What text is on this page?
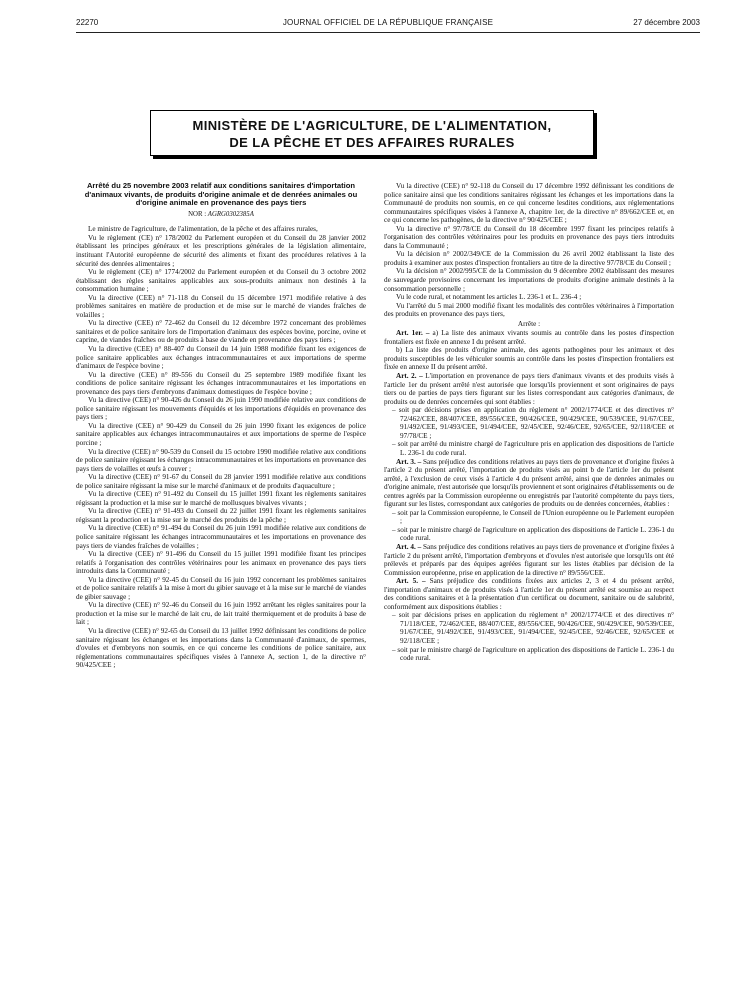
22270	JOURNAL OFFICIEL DE LA RÉPUBLIQUE FRANÇAISE	27 décembre 2003
MINISTÈRE DE L'AGRICULTURE, DE L'ALIMENTATION,
DE LA PÊCHE ET DES AFFAIRES RURALES
Arrêté du 25 novembre 2003 relatif aux conditions sanitaires d'importation d'animaux vivants, de produits d'origine animale et de denrées animales ou d'origine animale en provenance des pays tiers
NOR : AGRG0302385A

Le ministre de l'agriculture, de l'alimentation, de la pêche et des affaires rurales,

Vu le règlement (CE) n° 178/2002 du Parlement européen et du Conseil du 28 janvier 2002 établissant les principes généraux et les prescriptions générales de la législation alimentaire, instituant l'Autorité européenne de sécurité des aliments et fixant des procédures relatives à la sécurité des denrées alimentaires ;

Vu le règlement (CE) n° 1774/2002 du Parlement européen et du Conseil du 3 octobre 2002 établissant des règles sanitaires applicables aux sous-produits animaux non destinés à la consommation humaine ;

Vu la directive (CEE) n° 71-118 du Conseil du 15 décembre 1971 modifiée relative à des problèmes sanitaires en matière de production et de mise sur le marché de viandes fraîches de volailles ;

Vu la directive (CEE) n° 72-462 du Conseil du 12 décembre 1972 concernant des problèmes sanitaires et de police sanitaire lors de l'importation d'animaux des espèces bovine, porcine, ovine et caprine, de viandes fraîches ou de produits à base de viande en provenance des pays tiers ;

Vu la directive (CEE) n° 88-407 du Conseil du 14 juin 1988 modifiée fixant les exigences de police sanitaire applicables aux échanges intracommunautaires et aux importations de sperme d'animaux de l'espèce bovine ;

Vu la directive (CEE) n° 89-556 du Conseil du 25 septembre 1989 modifiée fixant les conditions de police sanitaire régissant les échanges intracommunautaires et les importations en provenance des pays tiers d'embryons d'animaux domestiques de l'espèce bovine ;

Vu la directive (CEE) n° 90-426 du Conseil du 26 juin 1990 modifiée relative aux conditions de police sanitaire régissant les mouvements d'équidés et les importations d'équidés en provenance des pays tiers ;

Vu la directive (CEE) n° 90-429 du Conseil du 26 juin 1990 fixant les exigences de police sanitaire applicables aux échanges intracommunautaires et aux importations de sperme de l'espèce porcine ;

Vu la directive (CEE) n° 90-539 du Conseil du 15 octobre 1990 modifiée relative aux conditions de police sanitaire régissant les échanges intracommunautaires et les importations en provenance des pays tiers de volailles et œufs à couver ;

Vu la directive (CEE) n° 91-67 du Conseil du 28 janvier 1991 modifiée relative aux conditions de police sanitaire régissant la mise sur le marché d'animaux et de produits d'aquaculture ;

Vu la directive (CEE) n° 91-492 du Conseil du 15 juillet 1991 fixant les règlements sanitaires régissant la production et la mise sur le marché de mollusques bivalves vivants ;

Vu la directive (CEE) n° 91-493 du Conseil du 22 juillet 1991 fixant les règlements sanitaires régissant la production et la mise sur le marché des produits de la pêche ;

Vu la directive (CEE) n° 91-494 du Conseil du 26 juin 1991 modifiée relative aux conditions de police sanitaire régissant les échanges intracommunautaires et les importations en provenance des pays tiers de viandes fraîches de volailles ;

Vu la directive (CEE) n° 91-496 du Conseil du 15 juillet 1991 modifiée fixant les principes relatifs à l'organisation des contrôles vétérinaires pour les animaux en provenance des pays tiers introduits dans la Communauté ;

Vu la directive (CEE) n° 92-45 du Conseil du 16 juin 1992 concernant les problèmes sanitaires et de police sanitaire relatifs à la mise à mort du gibier sauvage et à la mise sur le marché de viandes de gibier sauvage ;

Vu la directive (CEE) n° 92-46 du Conseil du 16 juin 1992 arrêtant les règles sanitaires pour la production et la mise sur le marché de lait cru, de lait traité thermiquement et de produits à base de lait ;

Vu la directive (CEE) n° 92-65 du Conseil du 13 juillet 1992 définissant les conditions de police sanitaire régissant les échanges et les importations dans la Communauté d'animaux, de spermes, d'ovules et d'embryons non soumis, en ce qui concerne les conditions de police sanitaire, aux réglementations communautaires spécifiques visées à l'annexe A, section 1, de la directive n° 90/425/CEE ;

Vu la directive (CEE) n° 92-118 du Conseil du 17 décembre 1992 définissant les conditions de police sanitaire ainsi que les conditions sanitaires régissant les échanges et les importations dans la Communauté de produits non soumis, en ce qui concerne lesdites conditions, aux réglementations communautaires spécifiques visées à l'annexe A, chapitre 1er, de la directive n° 89/662/CEE et, en ce qui concerne les pathogènes, de la directive n° 90/425/CEE ;

Vu la directive n° 97/78/CE du Conseil du 18 décembre 1997 fixant les principes relatifs à l'organisation des contrôles vétérinaires pour les produits en provenance des pays tiers introduits dans la Communauté ;

Vu la décision n° 2002/349/CE de la Commission du 26 avril 2002 établissant la liste des produits à examiner aux postes d'inspection frontaliers au titre de la directive 97/78/CE du Conseil ;

Vu la décision n° 2002/995/CE de la Commission du 9 décembre 2002 établissant des mesures de sauvegarde provisoires concernant les importations de produits d'origine animale destinés à la consommation personnelle ;

Vu le code rural, et notamment les articles L. 236-1 et L. 236-4 ;

Vu l'arrêté du 5 mai 2000 modifié fixant les modalités des contrôles vétérinaires à l'importation des produits en provenance des pays tiers,

Arrête :

Art. 1er. – a) La liste des animaux vivants soumis au contrôle dans les postes d'inspection frontaliers est fixée en annexe I du présent arrêté.

b) La liste des produits d'origine animale, des agents pathogènes pour les animaux et des produits susceptibles de les véhiculer soumis au contrôle dans les postes d'inspection frontaliers est fixée en annexe II du présent arrêté.

Art. 2. – L'importation en provenance de pays tiers d'animaux vivants et des produits visés à l'article 1er du présent arrêté n'est autorisée que lorsqu'ils proviennent et sont originaires de pays tiers ou de parties de pays tiers figurant sur les listes correspondant aux catégories d'animaux, de produits ou de denrées concernées qui sont établies :

– soit par décisions prises en application du règlement n° 2002/1774/CE et des directives n° 72/462/CEE, 88/407/CEE, 89/556/CEE, 90/426/CEE, 90/429/CEE, 90/539/CEE, 91/67/CEE, 91/492/CEE, 91/493/CEE, 91/494/CEE, 92/45/CEE, 92/46/CEE, 92/65/CEE, 92/118/CEE et 97/78/CE ;
– soit par arrêté du ministre chargé de l'agriculture pris en application des dispositions de l'article L. 236-1 du code rural.

Art. 3. – Sans préjudice des conditions relatives au pays tiers de provenance et d'origine fixées à l'article 2 du présent arrêté, l'importation de produits visés au point b de l'article 1er du présent arrêté, à l'exclusion de ceux visés à l'article 4 du présent arrêté, ainsi que de denrées animales ou d'origine animale, n'est autorisée que lorsqu'ils proviennent et sont originaires d'établissements ou de centres agréés par la Commission européenne ou enregistrés par l'autorité compétente du pays tiers, figurant sur les listes, correspondant aux catégories de produits ou de denrées concernées, établies :

– soit par la Commission européenne, le Conseil de l'Union européenne ou le Parlement européen ;
– soit par le ministre chargé de l'agriculture en application des dispositions de l'article L. 236-1 du code rural.

Art. 4. – Sans préjudice des conditions relatives au pays tiers de provenance et d'origine fixées à l'article 2 du présent arrêté, l'importation d'embryons et d'ovules n'est autorisée que lorsqu'ils ont été prélevés et préparés par des équipes agréées figurant sur les listes établies par décision de la Commission européenne, prise en application de la directive n° 89/556/CEE.

Art. 5. – Sans préjudice des conditions fixées aux articles 2, 3 et 4 du présent arrêté, l'importation d'animaux et de produits visés à l'article 1er du présent arrêté est soumise au respect des conditions sanitaires et à la présentation d'un certificat ou document, sanitaire ou de salubrité, conformément aux dispositions établies :

– soit par décisions prises en application du règlement n° 2002/1774/CE et des directives n° 71/118/CEE, 72/462/CEE, 88/407/CEE, 89/556/CEE, 90/426/CEE, 90/429/CEE, 90/539/CEE, 91/67/CEE, 91/492/CEE, 91/493/CEE, 91/494/CEE, 92/45/CEE, 92/46/CEE, 92/65/CEE et 92/118/CEE ;
– soit par le ministre chargé de l'agriculture en application des dispositions de l'article L. 236-1 du code rural.
